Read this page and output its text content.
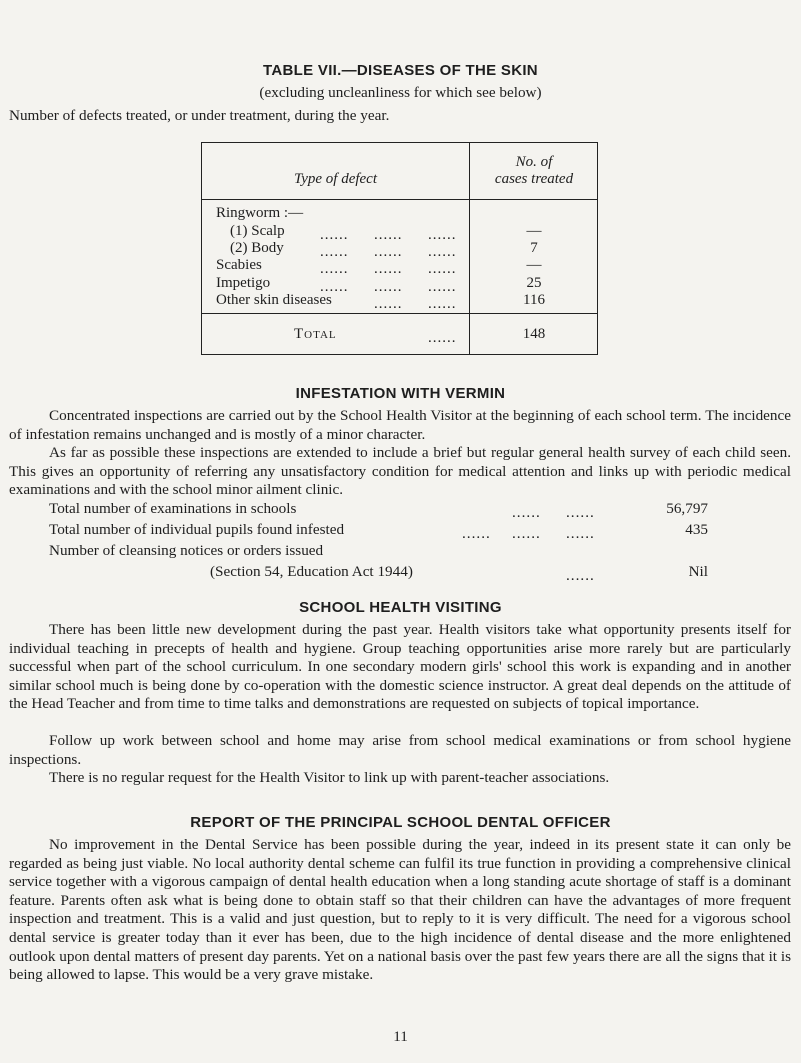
TABLE VII.—DISEASES OF THE SKIN
(excluding uncleanliness for which see below)
Number of defects treated, or under treatment, during the year.
Type of defect
No. of
cases treated
Ringworm :—
(1) Scalp ...... ...... ......	—
(2) Body ...... ...... ......	7
Scabies	...... ...... ......	—
Impetigo	...... ...... ......	25
Other skin diseases	...... ......	116
Total	......	148
INFESTATION WITH VERMIN
Concentrated inspections are carried out by the School Health Visitor at the beginning of each school term. The incidence of infestation remains unchanged and is mostly of a minor character.
As far as possible these inspections are extended to include a brief but regular general health survey of each child seen. This gives an opportunity of referring any unsatisfactory condition for medical attention and links up with periodic medical examinations and with the school minor ailment clinic.
Total number of examinations in schools	...... ......	56,797
Total number of individual pupils found infested	...... ...... ......	435
Number of cleansing notices or orders issued
(Section 54, Education Act 1944)	......	Nil
SCHOOL HEALTH VISITING
There has been little new development during the past year. Health visitors take what opportunity presents itself for individual teaching in precepts of health and hygiene. Group teaching opportunities arise more rarely but are particularly successful when part of the school curriculum. In one secondary modern girls' school this work is expanding and in another similar school much is being done by co-operation with the domestic science instructor. A great deal depends on the attitude of the Head Teacher and from time to time talks and demonstrations are requested on subjects of topical importance.
Follow up work between school and home may arise from school medical examinations or from school hygiene inspections.
There is no regular request for the Health Visitor to link up with parent-teacher associations.
REPORT OF THE PRINCIPAL SCHOOL DENTAL OFFICER
No improvement in the Dental Service has been possible during the year, indeed in its present state it can only be regarded as being just viable. No local authority dental scheme can fulfil its true function in providing a comprehensive clinical service together with a vigorous campaign of dental health education when a long standing acute shortage of staff is a dominant feature. Parents often ask what is being done to obtain staff so that their children can have the advantages of more frequent inspection and treatment. This is a valid and just question, but to reply to it is very difficult. The need for a vigorous school dental service is greater today than it ever has been, due to the high incidence of dental disease and the more enlightened outlook upon dental matters of present day parents. Yet on a national basis over the past few years there are all the signs that it is being allowed to lapse. This would be a very grave mistake.
11
